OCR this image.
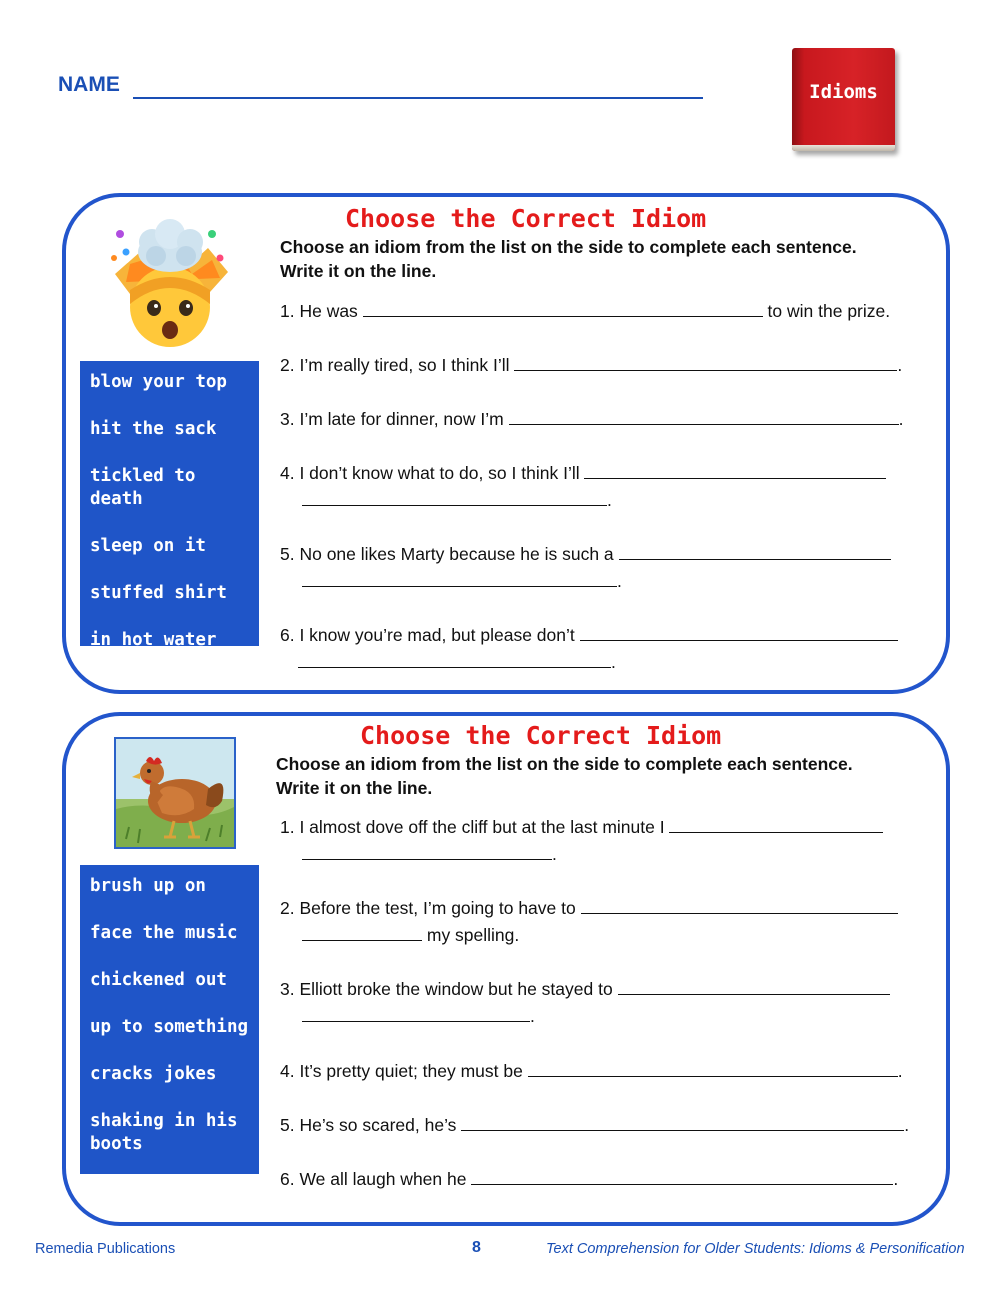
NAME	Idioms
Choose the Correct Idiom
Choose an idiom from the list on the side to complete each sentence.
Write it on the line.
blow your top
hit the sack
tickled to death
sleep on it
stuffed shirt
in hot water
1. He was	to win the prize.
2. I’m really tired, so I think I’ll	.
3. I’m late for dinner, now I’m	.
4. I don’t know what to do, so I think I’ll
.
5. No one likes Marty because he is such a
.
6. I know you’re mad, but please don’t
.
Choose the Correct Idiom
Choose an idiom from the list on the side to complete each sentence.
Write it on the line.
brush up on
face the music
chickened out
up to something
cracks jokes
shaking in his boots
1. I almost dove off the cliff but at the last minute I
.
2. Before the test, I’m going to have to
my spelling.
3. Elliott broke the window but he stayed to
.
4. It’s pretty quiet; they must be	.
5. He’s so scared, he’s	.
6. We all laugh when he	.
Remedia Publications	8	Text Comprehension for Older Students: Idioms & Personification
